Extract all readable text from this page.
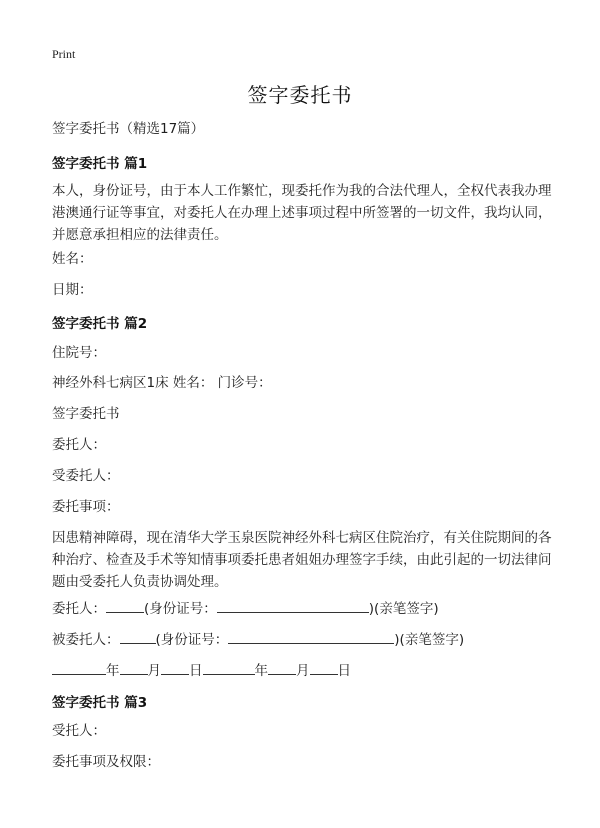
Print
签字委托书
签字委托书（精选17篇）
签字委托书 篇1
本人，身份证号，由于本人工作繁忙，现委托作为我的合法代理人，全权代表我办理港澳通行证等事宜，对委托人在办理上述事项过程中所签署的一切文件，我均认同，并愿意承担相应的法律责任。
姓名：
日期：
签字委托书 篇2
住院号：
神经外科七病区1床 姓名： 门诊号：
签字委托书
委托人：
受委托人：
委托事项：
因患精神障碍，现在清华大学玉泉医院神经外科七病区住院治疗，有关住院期间的各种治疗、检查及手术等知情事项委托患者姐姐办理签字手续，由此引起的一切法律问题由受委托人负责协调处理。
委托人：	(身份证号：	)(亲笔签字)
被委托人：	(身份证号：	)(亲笔签字)
年 月 日	年 月 日
签字委托书 篇3
受托人：
委托事项及权限：
